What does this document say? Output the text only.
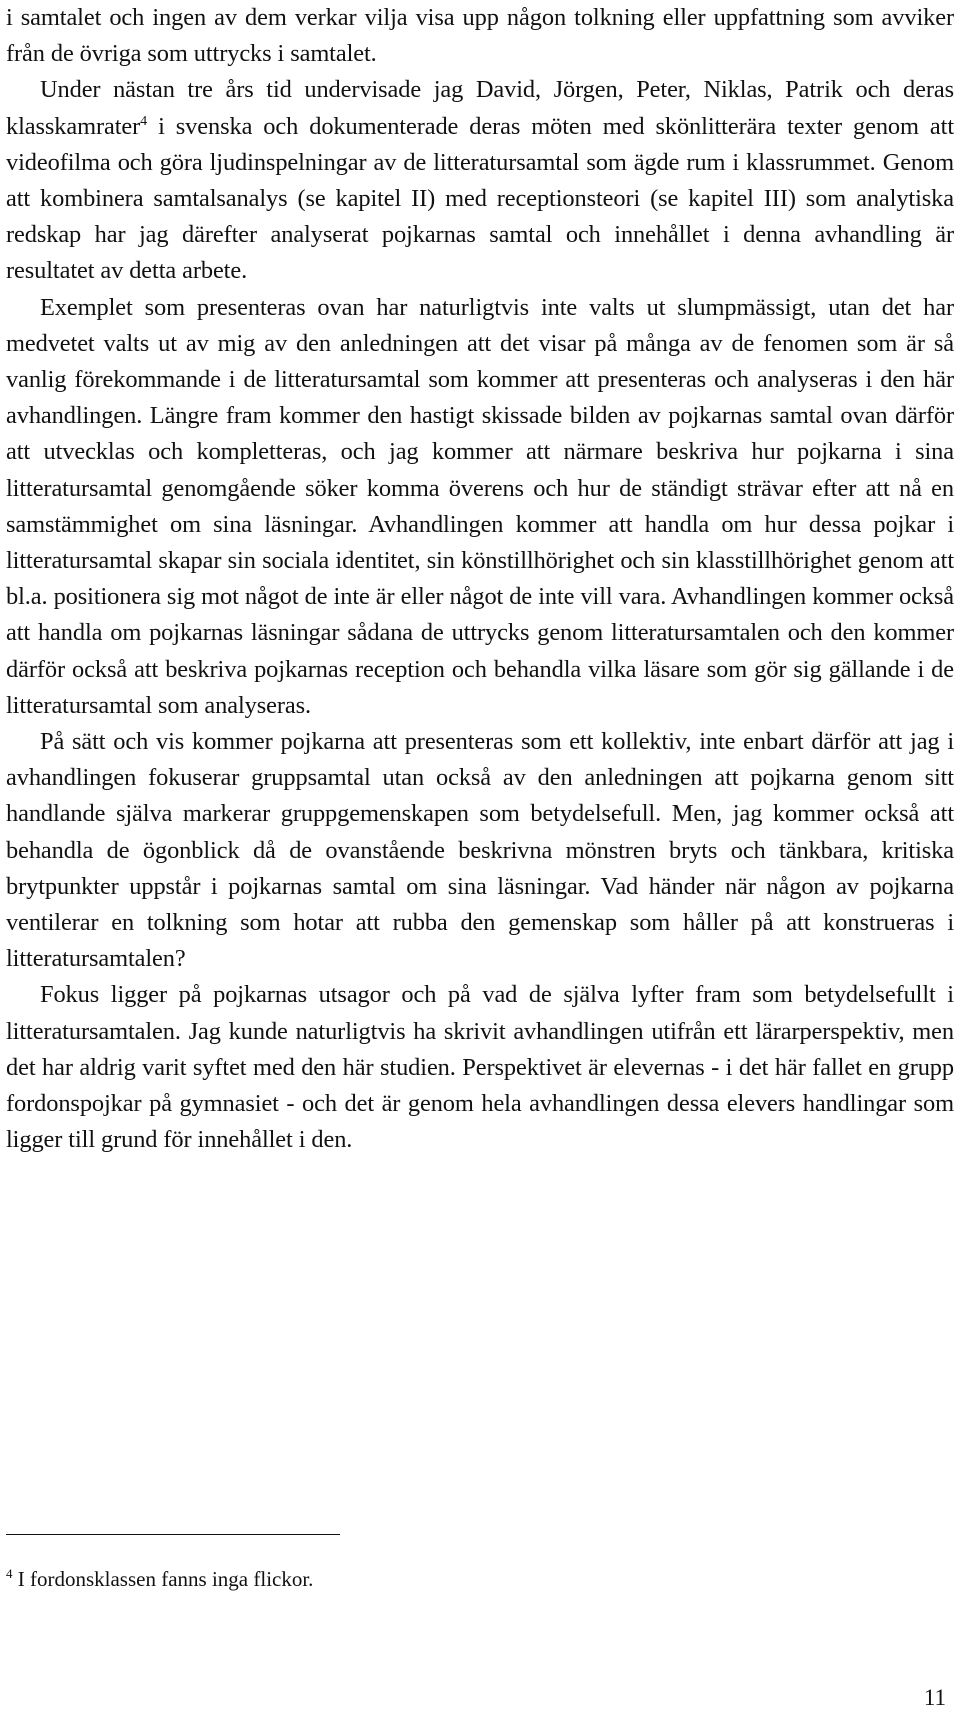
i samtalet och ingen av dem verkar vilja visa upp någon tolkning eller uppfattning som avviker från de övriga som uttrycks i samtalet.

Under nästan tre års tid undervisade jag David, Jörgen, Peter, Niklas, Patrik och deras klasskamrater$^4$ i svenska och dokumenterade deras möten med skönlitterära texter genom att videofilma och göra ljudinspelningar av de litteratursamtal som ägde rum i klassrummet. Genom att kombinera samtalsanalys (se kapitel II) med receptionsteori (se kapitel III) som analytiska redskap har jag därefter analyserat pojkarnas samtal och innehållet i denna avhandling är resultatet av detta arbete.

Exemplet som presenteras ovan har naturligtvis inte valts ut slumpmässigt, utan det har medvetet valts ut av mig av den anledningen att det visar på många av de fenomen som är så vanlig förekommande i de litteratursamtal som kommer att presenteras och analyseras i den här avhandlingen. Längre fram kommer den hastigt skissade bilden av pojkarnas samtal ovan därför att utvecklas och kompletteras, och jag kommer att närmare beskriva hur pojkarna i sina litteratursamtal genomgående söker komma överens och hur de ständigt strävar efter att nå en samstämmighet om sina läsningar. Avhandlingen kommer att handla om hur dessa pojkar i litteratursamtal skapar sin sociala identitet, sin könstillhörighet och sin klasstillhörighet genom att bl.a. positionera sig mot något de inte är eller något de inte vill vara. Avhandlingen kommer också att handla om pojkarnas läsningar sådana de uttrycks genom litteratursamtalen och den kommer därför också att beskriva pojkarnas reception och behandla vilka läsare som gör sig gällande i de litteratursamtal som analyseras.

På sätt och vis kommer pojkarna att presenteras som ett kollektiv, inte enbart därför att jag i avhandlingen fokuserar gruppsamtal utan också av den anledningen att pojkarna genom sitt handlande själva markerar gruppgemenskapen som betydelsefull. Men, jag kommer också att behandla de ögonblick då de ovanstående beskrivna mönstren bryts och tänkbara, kritiska brytpunkter uppstår i pojkarnas samtal om sina läsningar. Vad händer när någon av pojkarna ventilerar en tolkning som hotar att rubba den gemenskap som håller på att konstrueras i litteratursamtalen?

Fokus ligger på pojkarnas utsagor och på vad de själva lyfter fram som betydelsefullt i litteratursamtalen. Jag kunde naturligtvis ha skrivit avhandlingen utifrån ett lärarperspektiv, men det har aldrig varit syftet med den här studien. Perspektivet är elevernas - i det här fallet en grupp fordonspojkar på gymnasiet - och det är genom hela avhandlingen dessa elevers handlingar som ligger till grund för innehållet i den.

$^4$ I fordonsklassen fanns inga flickor.
11
